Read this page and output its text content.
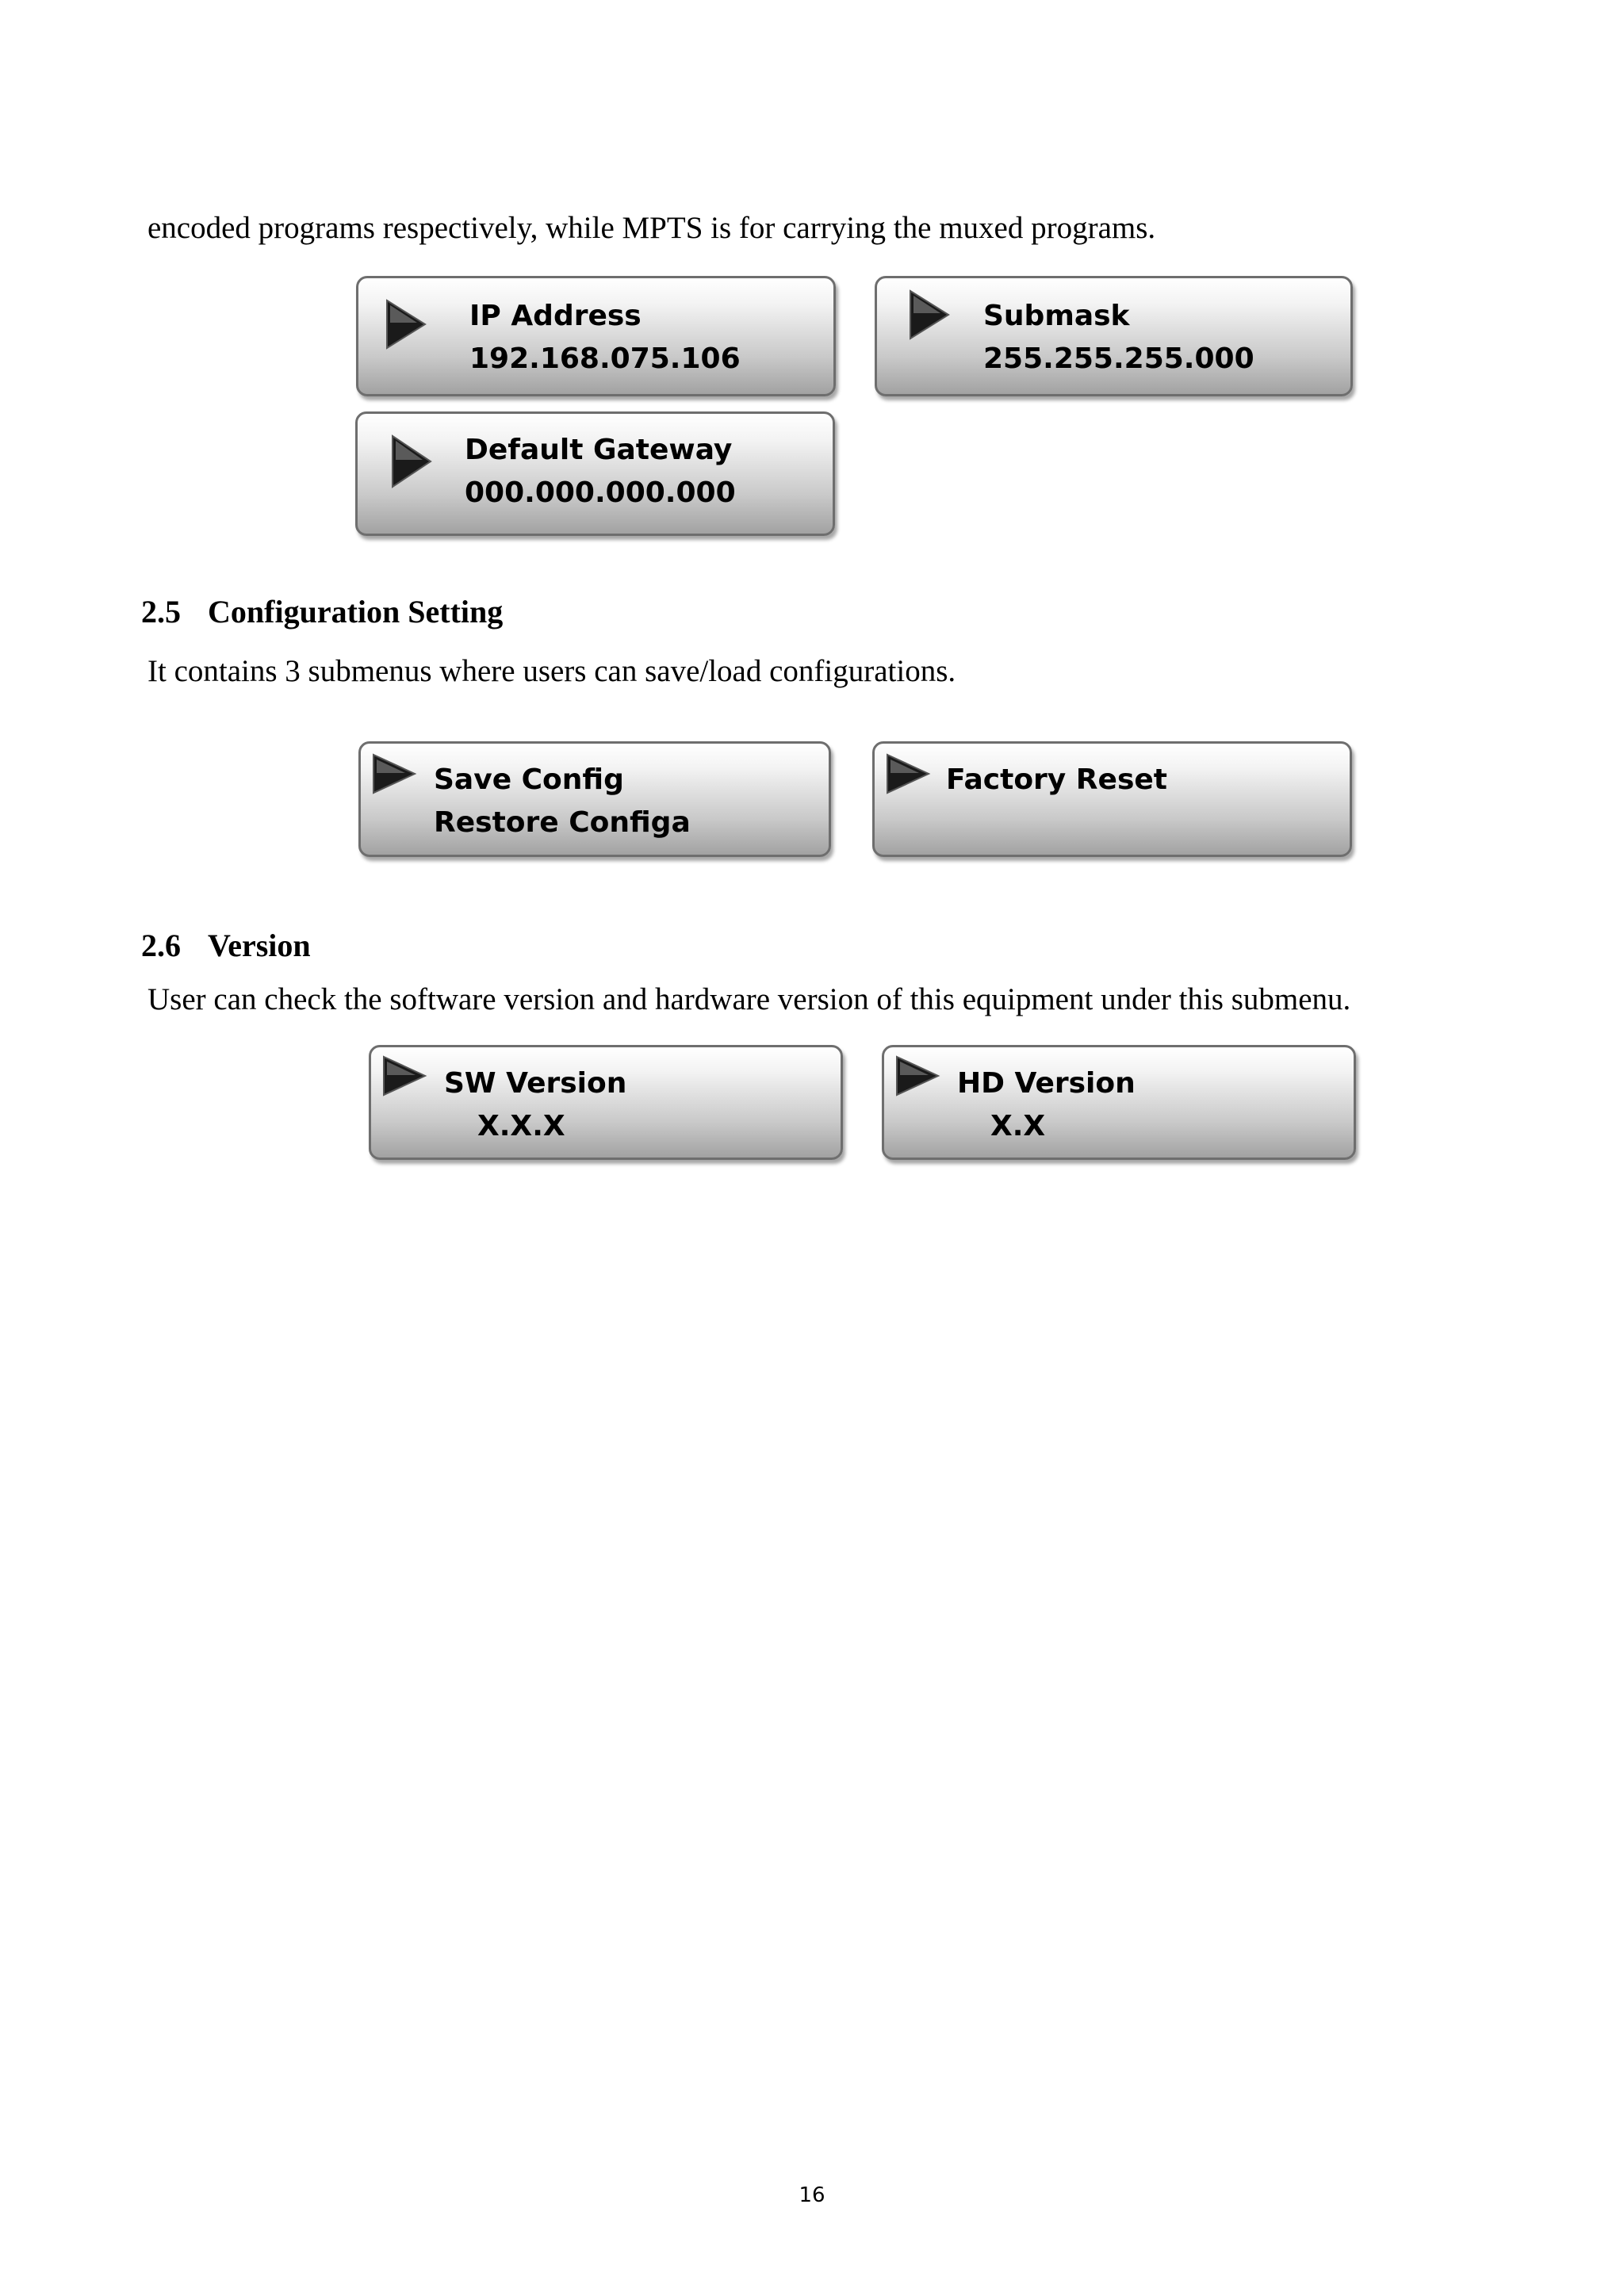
encoded programs respectively, while MPTS is for carrying the muxed programs.
IP Address
192.168.075.106
Submask
255.255.255.000
Default Gateway
000.000.000.000
2.5 Configuration Setting
It contains 3 submenus where users can save/load configurations.
Save Config
Restore Configa
Factory Reset
2.6 Version
User can check the software version and hardware version of this equipment under this submenu.
SW Version
X.X.X
HD Version
X.X
16
